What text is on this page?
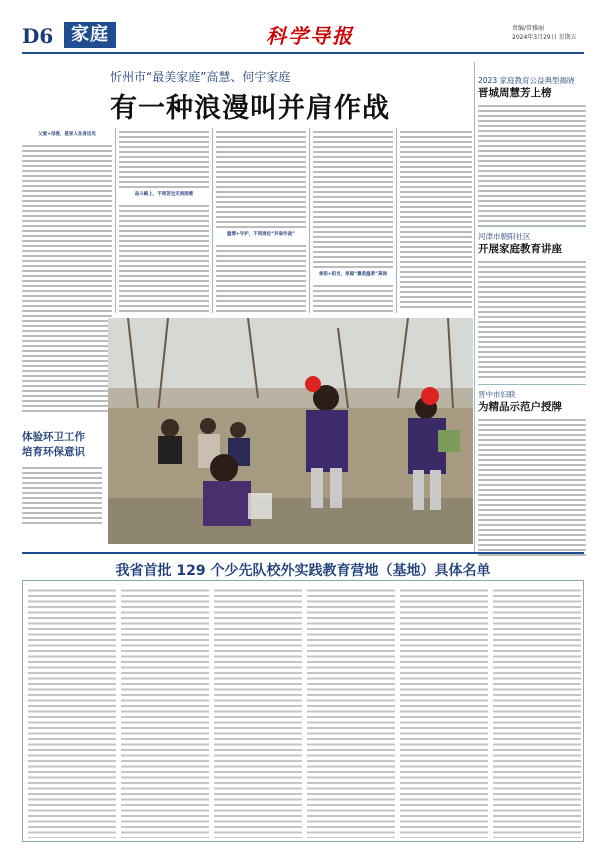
D6 家庭	科学导报	责编/常雅丽
2024年3月29日 星期五
忻州市“最美家庭”高慧、何宇家庭
有一种浪漫叫并肩作战
父爱+母爱，是家人在身边见
奋斗路上，不畏苦也无畏困难
温情+守护，不同岗位“并肩作战”
承担+担当，家庭“最是温柔”高尚
体验环卫工作
培育环保意识
2023 家庭教育公益典型揭晓
晋城周慧芳上榜
河津市朝阳社区
开展家庭教育讲座
晋中市妇联
为精品示范户授牌
我省首批 129 个少先队校外实践教育营地（基地）具体名单
